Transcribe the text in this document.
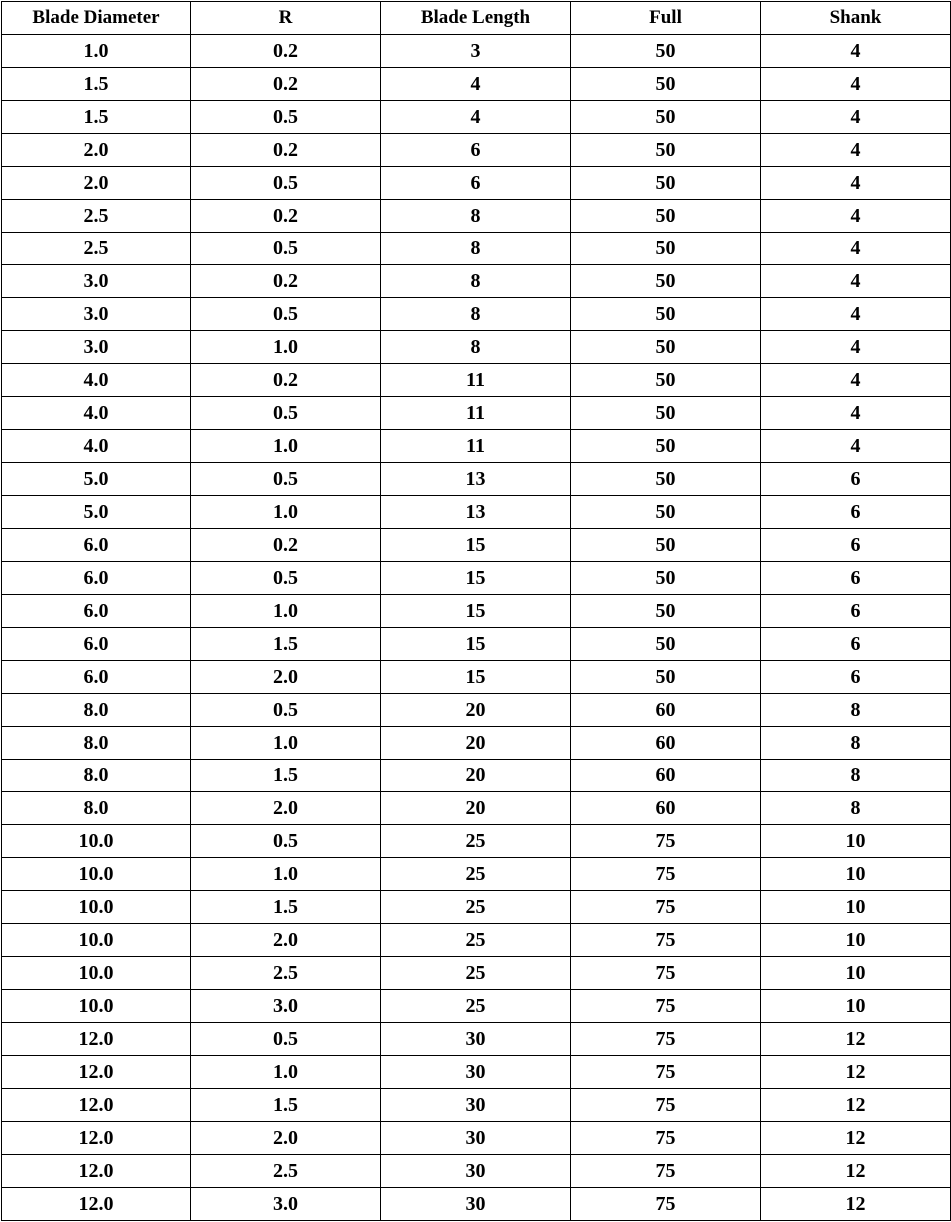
Blade Diameter	R	Blade Length	Full	Shank
1.0	0.2	3	50	4
1.5	0.2	4	50	4
1.5	0.5	4	50	4
2.0	0.2	6	50	4
2.0	0.5	6	50	4
2.5	0.2	8	50	4
2.5	0.5	8	50	4
3.0	0.2	8	50	4
3.0	0.5	8	50	4
3.0	1.0	8	50	4
4.0	0.2	11	50	4
4.0	0.5	11	50	4
4.0	1.0	11	50	4
5.0	0.5	13	50	6
5.0	1.0	13	50	6
6.0	0.2	15	50	6
6.0	0.5	15	50	6
6.0	1.0	15	50	6
6.0	1.5	15	50	6
6.0	2.0	15	50	6
8.0	0.5	20	60	8
8.0	1.0	20	60	8
8.0	1.5	20	60	8
8.0	2.0	20	60	8
10.0	0.5	25	75	10
10.0	1.0	25	75	10
10.0	1.5	25	75	10
10.0	2.0	25	75	10
10.0	2.5	25	75	10
10.0	3.0	25	75	10
12.0	0.5	30	75	12
12.0	1.0	30	75	12
12.0	1.5	30	75	12
12.0	2.0	30	75	12
12.0	2.5	30	75	12
12.0	3.0	30	75	12
